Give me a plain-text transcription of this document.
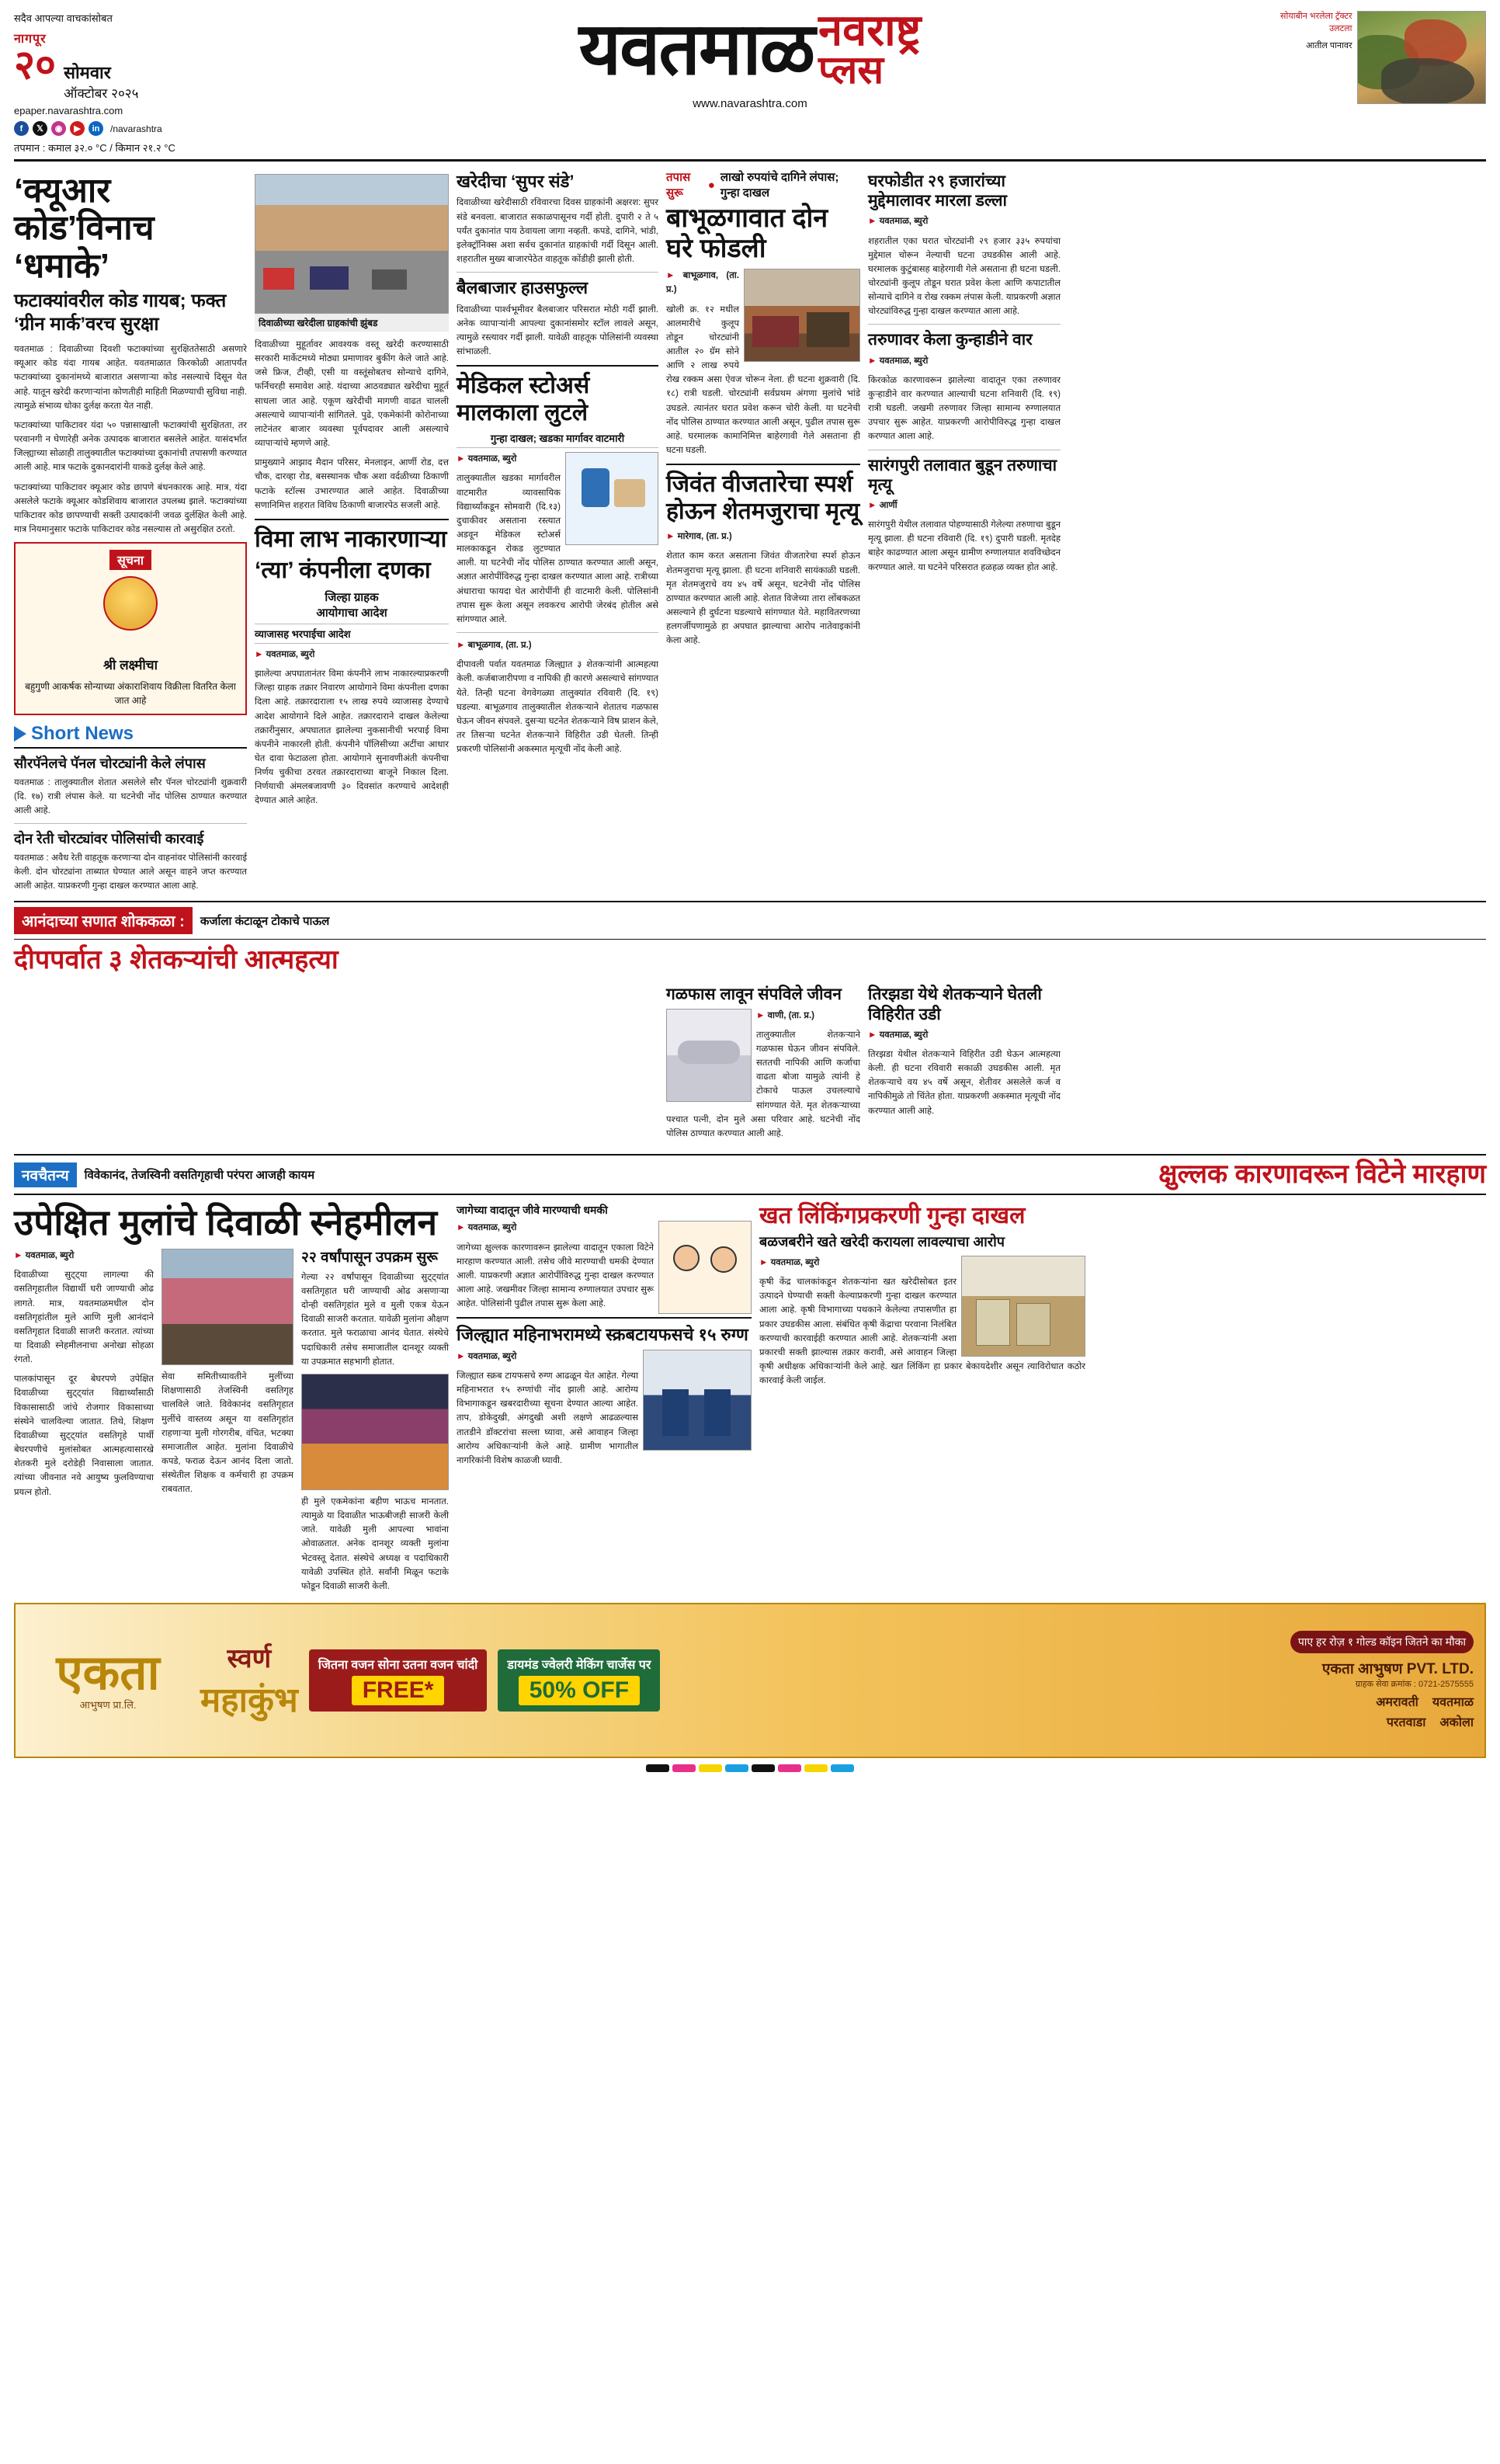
सदैव आपल्या वाचकांसोबत
नागपूर
२० सोमवार
ऑक्टोबर २०२५
epaper.navarashtra.com
f	𝕏	◉	▶	in	/navarashtra
तपमान : कमाल ३२.० °C / किमान २१.२ °C
यवतमाळ नवराष्ट्र
प्लस
www.navarashtra.com
सोयाबीन भरलेला ट्रॅक्टर उलटला
आतील पानावर
‘क्यूआर कोड’विनाच ‘धमाके’
फटाक्यांवरील कोड गायब; फक्त ‘ग्रीन मार्क’वरच सुरक्षा

यवतमाळ : दिवाळीच्या दिवशी फटाक्यांच्या सुरक्षिततेसाठी असणारे क्यूआर कोड यंदा गायब आहेत. यवतमाळात किरकोळी आतापर्यंत फटाक्यांच्या दुकानांमध्ये बाजारात असणाऱ्या कोड नसल्याचे दिसून येत आहे. यातून खरेदी करणाऱ्यांना कोणतीही माहिती मिळण्याची सुविधा नाही. त्यामुळे संभाव्य धोका दुर्लक्ष करता येत नाही.

फटाक्यांच्या पाकिटावर यंदा ५० पन्नासाखाली फटाक्यांची सुरक्षितता, तर परवानगी न घेणारेही अनेक उत्पादक बाजारात बसलेले आहेत. यासंदर्भात जिल्ह्याच्या सोळाही तालुक्यातील फटाक्यांच्या दुकानांची तपासणी करण्यात आली आहे. मात्र फटाके दुकानदारांनी याकडे दुर्लक्ष केले आहे.

फटाक्यांच्या पाकिटावर क्यूआर कोड छापणे बंधनकारक आहे. मात्र, यंदा असलेले फटाके क्यूआर कोडशिवाय बाजारात उपलब्ध झाले. फटाक्यांच्या पाकिटावर कोड छापण्याची सक्ती उत्पादकांनी जवळ दुर्लक्षित केली आहे. मात्र नियमानुसार फटाके पाकिटावर कोड नसल्यास तो असुरक्षित ठरतो.

सूचना
श्री लक्ष्मीचा
बहुगुणी आकर्षक सोन्याच्या अंकाराशिवाय विक्रीला वितरित केला जात आहे
Short News
सौरपॅनेलचे पॅनल चोरट्यांनी केले लंपास
यवतमाळ : तालुक्यातील शेतात असलेले सौर पॅनल चोरट्यांनी शुक्रवारी (दि. १७) रात्री लंपास केले. या घटनेची नोंद पोलिस ठाण्यात करण्यात आली आहे.
दोन रेती चोरट्यांवर पोलिसांची कारवाई
यवतमाळ : अवैध रेती वाहतूक करणाऱ्या दोन वाहनांवर पोलिसांनी कारवाई केली. दोन चोरट्यांना ताब्यात घेण्यात आले असून वाहने जप्त करण्यात आली आहेत. याप्रकरणी गुन्हा दाखल करण्यात आला आहे.
दिवाळीच्या खरेदीला ग्राहकांची झुंबड

दिवाळीच्या मुहूर्तावर आवश्यक वस्तू खरेदी करण्यासाठी सरकारी मार्केटमध्ये मोठ्या प्रमाणावर बुकींग केले जाते आहे. जसे फ्रिज, टीव्ही, एसी या वस्तूंसोबतच सोन्याचे दागिने, फर्निचरही समावेश आहे. यंदाच्या आठवड्यात खरेदीचा मुहूर्त साधला जात आहे. एकूण खरेदीची मागणी वाढत चालली असल्याचे व्यापाऱ्यांनी सांगितले. पुढे, एकमेकांनी कोरोनाच्या लाटेनंतर बाजार व्यवस्था पूर्वपदावर आली असल्याचे व्यापाऱ्यांचे म्हणणे आहे.

प्रामुख्याने आझाद मैदान परिसर, मेनलाइन, आर्णी रोड, दत्त चौक, दारव्हा रोड, बसस्थानक चौक अशा वर्दळीच्या ठिकाणी फटाके स्टॉल्स उभारण्यात आले आहेत. दिवाळीच्या सणानिमित्त शहरात विविध ठिकाणी बाजारपेठ सजली आहे.

विमा लाभ नाकारणाऱ्या
‘त्या’ कंपनीला दणका
जिल्हा ग्राहक
आयोगाचा आदेश
व्याजासह भरपाईचा आदेश

► यवतमाळ, ब्युरो

झालेल्या अपघातानंतर विमा कंपनीने लाभ नाकारल्याप्रकरणी जिल्हा ग्राहक तक्रार निवारण आयोगाने विमा कंपनीला दणका दिला आहे. तक्रारदाराला १५ लाख रुपये व्याजासह देण्याचे आदेश आयोगाने दिले आहेत. तक्रारदाराने दाखल केलेल्या तक्रारीनुसार, अपघातात झालेल्या नुकसानीची भरपाई विमा कंपनीने नाकारली होती. कंपनीने पॉलिसीच्या अटींचा आधार घेत दावा फेटाळला होता. आयोगाने सुनावणीअंती कंपनीचा निर्णय चुकीचा ठरवत तक्रारदाराच्या बाजूने निकाल दिला. निर्णयाची अंमलबजावणी ३० दिवसांत करण्याचे आदेशही देण्यात आले आहेत.

खरेदीचा ‘सुपर संडे’
दिवाळीच्या खरेदीसाठी रविवारचा दिवस ग्राहकांनी अक्षरश: सुपर संडे बनवला. बाजारात सकाळपासूनच गर्दी होती. दुपारी २ ते ५ पर्यंत दुकानांत पाय ठेवायला जागा नव्हती. कपडे, दागिने, भांडी, इलेक्ट्रॉनिक्स अशा सर्वच दुकानांत ग्राहकांची गर्दी दिसून आली. शहरातील मुख्य बाजारपेठेत वाहतूक कोंडीही झाली होती.
बैलबाजार हाउसफुल्ल
दिवाळीच्या पार्श्वभूमीवर बैलबाजार परिसरात मोठी गर्दी झाली. अनेक व्यापाऱ्यांनी आपल्या दुकानांसमोर स्टॉल लावले असून, त्यामुळे रस्त्यावर गर्दी झाली. यावेळी वाहतूक पोलिसांनी व्यवस्था सांभाळली.
मेडिकल स्टोअर्स मालकाला लुटले
गुन्हा दाखल; खडका मार्गावर वाटमारी

► यवतमाळ, ब्युरो

तालुक्यातील खडका मार्गावरील वाटमारीत व्यावसायिक विद्यार्थ्यांकडून सोमवारी (दि.१३) दुचाकीवर असताना रस्त्यात अडवून मेडिकल स्टोअर्स मालकाकडून रोकड लुटण्यात आली. या घटनेची नोंद पोलिस ठाण्यात करण्यात आली असून, अज्ञात आरोपींविरुद्ध गुन्हा दाखल करण्यात आला आहे. रात्रीच्या अंधाराचा फायदा घेत आरोपींनी ही वाटमारी केली. पोलिसांनी तपास सुरू केला असून लवकरच आरोपी जेरबंद होतील असे सांगण्यात आले.

► बाभूळगाव, (ता. प्र.)

दीपावली पर्वात यवतमाळ जिल्ह्यात ३ शेतकऱ्यांनी आत्महत्या केली. कर्जबाजारीपणा व नापिकी ही कारणे असल्याचे सांगण्यात येते. तिन्ही घटना वेगवेगळ्या तालुक्यांत रविवारी (दि. १९) घडल्या. बाभूळगाव तालुक्यातील शेतकऱ्याने शेतातच गळफास घेऊन जीवन संपवले. दुसऱ्या घटनेत शेतकऱ्याने विष प्राशन केले, तर तिसऱ्या घटनेत शेतकऱ्याने विहिरीत उडी घेतली. तिन्ही प्रकरणी पोलिसांनी अकस्मात मृत्यूची नोंद केली आहे.

तपास सुरू
●
लाखो रुपयांचे दागिने लंपास; गुन्हा दाखल
बाभूळगावात दोन घरे फोडली

► बाभूळगाव, (ता. प्र.)

खोली क्र. १२ मधील आलमारीचे कुलूप तोडून चोरट्यांनी आतील २० ग्रॅम सोने आणि २ लाख रुपये रोख रक्कम असा ऐवज चोरून नेला. ही घटना शुक्रवारी (दि. १८) रात्री घडली. चोरट्यांनी सर्वप्रथम अंगणा मुलांचे भांडे उघडले. त्यानंतर घरात प्रवेश करून चोरी केली. या घटनेची नोंद पोलिस ठाण्यात करण्यात आली असून, पुढील तपास सुरू आहे. घरमालक कामानिमित्त बाहेरगावी गेले असताना ही घटना घडली.

जिवंत वीजतारेचा स्पर्श होऊन शेतमजुराचा मृत्यू

► मारेगाव, (ता. प्र.)

शेतात काम करत असताना जिवंत वीजतारेचा स्पर्श होऊन शेतमजुराचा मृत्यू झाला. ही घटना शनिवारी सायंकाळी घडली. मृत शेतमजुराचे वय ४५ वर्षे असून, घटनेची नोंद पोलिस ठाण्यात करण्यात आली आहे. शेतात विजेच्या तारा लोंबकळत असल्याने ही दुर्घटना घडल्याचे सांगण्यात येते. महावितरणच्या हलगर्जीपणामुळे हा अपघात झाल्याचा आरोप नातेवाइकांनी केला आहे.

घरफोडीत २९ हजारांच्या मुद्देमालावर मारला डल्ला

► यवतमाळ, ब्युरो

शहरातील एका घरात चोरट्यांनी २९ हजार ३३५ रुपयांचा मुद्देमाल चोरून नेल्याची घटना उघडकीस आली आहे. घरमालक कुटुंबासह बाहेरगावी गेले असताना ही घटना घडली. चोरट्यांनी कुलूप तोडून घरात प्रवेश केला आणि कपाटातील सोन्याचे दागिने व रोख रक्कम लंपास केली. याप्रकरणी अज्ञात चोरट्यांविरुद्ध गुन्हा दाखल करण्यात आला आहे.

तरुणावर केला कुन्हाडीने वार

► यवतमाळ, ब्युरो

किरकोळ कारणावरून झालेल्या वादातून एका तरुणावर कुऱ्हाडीने वार करण्यात आल्याची घटना शनिवारी (दि. १९) रात्री घडली. जखमी तरुणावर जिल्हा सामान्य रुग्णालयात उपचार सुरू आहेत. याप्रकरणी आरोपीविरुद्ध गुन्हा दाखल करण्यात आला आहे.

सारंगपुरी तलावात बुडून तरुणाचा मृत्यू

► आर्णी

सारंगपुरी येथील तलावात पोहण्यासाठी गेलेल्या तरुणाचा बुडून मृत्यू झाला. ही घटना रविवारी (दि. १९) दुपारी घडली. मृतदेह बाहेर काढण्यात आला असून ग्रामीण रुग्णालयात शवविच्छेदन करण्यात आले. या घटनेने परिसरात हळहळ व्यक्त होत आहे.

आनंदाच्या सणात शोककळा :	कर्जाला कंटाळून टोकाचे पाऊल
दीपपर्वात ३ शेतकऱ्यांची आत्महत्या
गळफास लावून संपविले जीवन

► वाणी, (ता. प्र.)

तालुक्यातील शेतकऱ्याने गळफास घेऊन जीवन संपविले. सततची नापिकी आणि कर्जाचा वाढता बोजा यामुळे त्यांनी हे टोकाचे पाऊल उचलल्याचे सांगण्यात येते. मृत शेतकऱ्याच्या पश्चात पत्नी, दोन मुले असा परिवार आहे. घटनेची नोंद पोलिस ठाण्यात करण्यात आली आहे.

तिरझडा येथे शेतकऱ्याने घेतली विहिरीत उडी

► यवतमाळ, ब्युरो

तिरझडा येथील शेतकऱ्याने विहिरीत उडी घेऊन आत्महत्या केली. ही घटना रविवारी सकाळी उघडकीस आली. मृत शेतकऱ्याचे वय ४५ वर्षे असून, शेतीवर असलेले कर्ज व नापिकीमुळे तो चिंतेत होता. याप्रकरणी अकस्मात मृत्यूची नोंद करण्यात आली आहे.

नवचैतन्य	विवेकानंद, तेजस्विनी वसतिगृहाची परंपरा आजही कायम	क्षुल्लक कारणावरून विटेने मारहाण
उपेक्षित मुलांचे दिवाळी स्नेहमीलन

► यवतमाळ, ब्युरो

दिवाळीच्या सुट्ट्या लागल्या की वसतिगृहातील विद्यार्थी घरी जाण्याची ओढ लागते. मात्र, यवतमाळमधील दोन वसतिगृहांतील मुले आणि मुली आनंदाने वसतिगृहात दिवाळी साजरी करतात. त्यांच्या या दिवाळी स्नेहमीलनाचा अनोखा सोहळा रंगतो.

पालकांपासून दूर बेघरपणे उपेक्षित दिवाळीच्या सुट्ट्यांत विद्यार्थ्यांसाठी विकासासाठी जांचे रोजगार विकासाच्या संस्थेने चालविल्या जातात. तिथे, शिक्षण दिवाळीच्या सुट्ट्यांत वसतिगृहे पार्थी बेघरपणीचे मुलांसोबत आत्महत्यासारखे शेतकरी मुले दरोडेही निवासाला जातात. त्यांच्या जीवनात नवे आयुष्य फुलविण्याचा प्रयत्न होतो.

सेवा समितीच्यावतीने मुलींच्या शिक्षणासाठी तेजस्विनी वसतिगृह चालविले जाते. विवेकानंद वसतिगृहात मुलींचे वास्तव्य असून या वसतिगृहांत राहणाऱ्या मुली गोरगरीब, वंचित, भटक्या समाजातील आहेत. मुलांना दिवाळीचे कपडे, फराळ देऊन आनंद दिला जातो. संस्थेतील शिक्षक व कर्मचारी हा उपक्रम राबवतात.
२२ वर्षांपासून उपक्रम सुरू
गेल्या २२ वर्षांपासून दिवाळीच्या सुट्ट्यांत वसतिगृहात घरी जाण्याची ओढ असणाऱ्या दोन्ही वसतिगृहांत मुले व मुली एकत्र येऊन दिवाळी साजरी करतात. यावेळी मुलांना औक्षण करतात. मुले फराळाचा आनंद घेतात. संस्थेचे पदाधिकारी तसेच समाजातील दानशूर व्यक्ती या उपक्रमात सहभागी होतात.
ही मुले एकमेकांना बहीण भाऊच मानतात. त्यामुळे या दिवाळीत भाऊबीजही साजरी केली जाते. यावेळी मुली आपल्या भावांना ओवाळतात. अनेक दानशूर व्यक्ती मुलांना भेटवस्तू देतात. संस्थेचे अध्यक्ष व पदाधिकारी यावेळी उपस्थित होते. सर्वांनी मिळून फटाके फोडून दिवाळी साजरी केली.
जागेच्या वादातून जीवे मारण्याची धमकी

► यवतमाळ, ब्युरो

जागेच्या क्षुल्लक कारणावरून झालेल्या वादातून एकाला विटेने मारहाण करण्यात आली. तसेच जीवे मारण्याची धमकी देण्यात आली. याप्रकरणी अज्ञात आरोपींविरुद्ध गुन्हा दाखल करण्यात आला आहे. जखमीवर जिल्हा सामान्य रुग्णालयात उपचार सुरू आहेत. पोलिसांनी पुढील तपास सुरू केला आहे.

जिल्ह्यात महिनाभरामध्ये स्क्रबटायफसचे १५ रुग्ण

► यवतमाळ, ब्युरो

जिल्ह्यात स्क्रब टायफसचे रुग्ण आढळून येत आहेत. गेल्या महिनाभरात १५ रुग्णांची नोंद झाली आहे. आरोग्य विभागाकडून खबरदारीच्या सूचना देण्यात आल्या आहेत. ताप, डोकेदुखी, अंगदुखी अशी लक्षणे आढळल्यास तातडीने डॉक्टरांचा सल्ला घ्यावा, असे आवाहन जिल्हा आरोग्य अधिकाऱ्यांनी केले आहे. ग्रामीण भागातील नागरिकांनी विशेष काळजी घ्यावी.

खत लिंकिंगप्रकरणी गुन्हा दाखल
बळजबरीने खते खरेदी करायला लावल्याचा आरोप

► यवतमाळ, ब्युरो

कृषी केंद्र चालकांकडून शेतकऱ्यांना खत खरेदीसोबत इतर उत्पादने घेण्याची सक्ती केल्याप्रकरणी गुन्हा दाखल करण्यात आला आहे. कृषी विभागाच्या पथकाने केलेल्या तपासणीत हा प्रकार उघडकीस आला. संबंधित कृषी केंद्राचा परवाना निलंबित करण्याची कारवाईही करण्यात आली आहे. शेतकऱ्यांनी अशा प्रकारची सक्ती झाल्यास तक्रार करावी, असे आवाहन जिल्हा कृषी अधीक्षक अधिकाऱ्यांनी केले आहे. खत लिंकिंग हा प्रकार बेकायदेशीर असून त्याविरोधात कठोर कारवाई केली जाईल.

एकता
आभुषण प्रा.लि.
स्वर्ण
महाकुंभ
जितना वजन सोना उतना वजन चांदी
FREE*
डायमंड ज्वेलरी मेकिंग चार्जेस पर
50% OFF
पाए हर रोज़ १ गोल्ड कॉइन जितने का मौका
एकता आभुषण PVT. LTD.
ग्राहक सेवा क्रमांक : 0721-2575555
अमरावती यवतमाळ
परतवाडा अकोला
